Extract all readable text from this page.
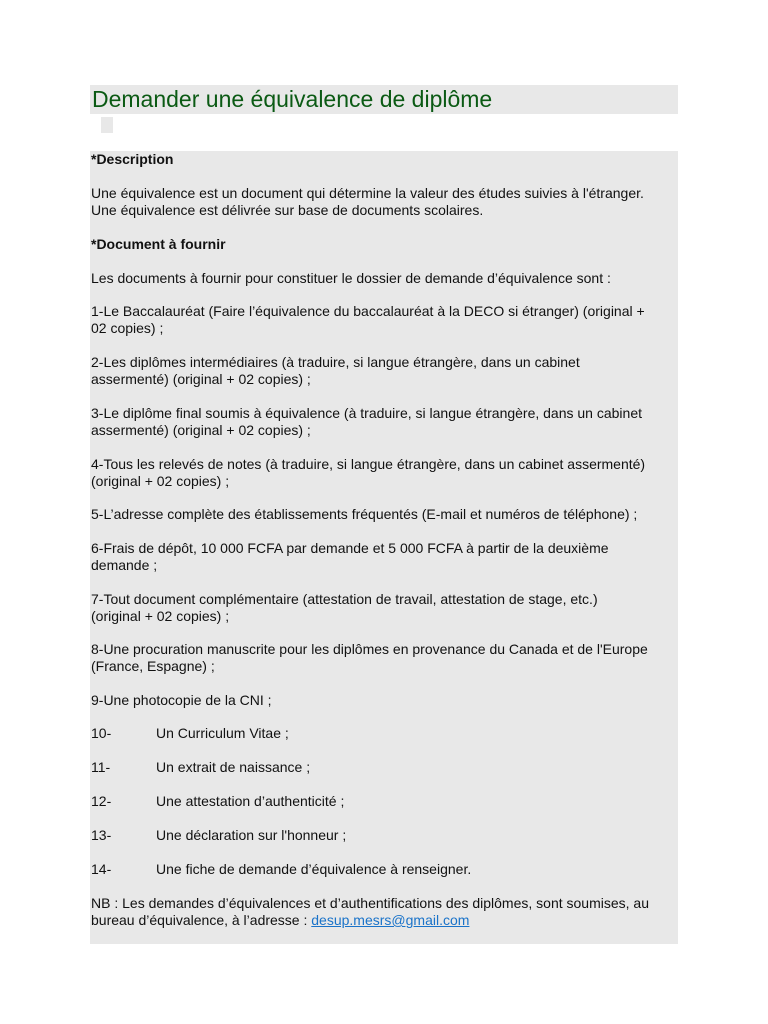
Demander une équivalence de diplôme
*Description
Une équivalence est un document qui détermine la valeur des études suivies à l'étranger.
Une équivalence est délivrée sur base de documents scolaires.
*Document à fournir
Les documents à fournir pour constituer le dossier de demande d’équivalence sont :
1-Le Baccalauréat (Faire l’équivalence du baccalauréat à la DECO si étranger) (original +
02 copies) ;
2-Les diplômes intermédiaires (à traduire, si langue étrangère, dans un cabinet
assermenté) (original + 02 copies) ;
3-Le diplôme final soumis à équivalence (à traduire, si langue étrangère, dans un cabinet
assermenté) (original + 02 copies) ;
4-Tous les relevés de notes (à traduire, si langue étrangère, dans un cabinet assermenté)
(original + 02 copies) ;
5-L’adresse complète des établissements fréquentés (E-mail et numéros de téléphone) ;
6-Frais de dépôt, 10 000 FCFA par demande et 5 000 FCFA à partir de la deuxième
demande ;
7-Tout document complémentaire (attestation de travail, attestation de stage, etc.)
(original + 02 copies) ;
8-Une procuration manuscrite pour les diplômes en provenance du Canada et de l'Europe
(France, Espagne) ;
9-Une photocopie de la CNI ;
10-	Un Curriculum Vitae ;
11-	Un extrait de naissance ;
12-	Une attestation d’authenticité ;
13-	Une déclaration sur l'honneur ;
14-	Une fiche de demande d’équivalence à renseigner.
NB : Les demandes d’équivalences et d’authentifications des diplômes, sont soumises, au
bureau d’équivalence, à l’adresse : desup.mesrs@gmail.com
